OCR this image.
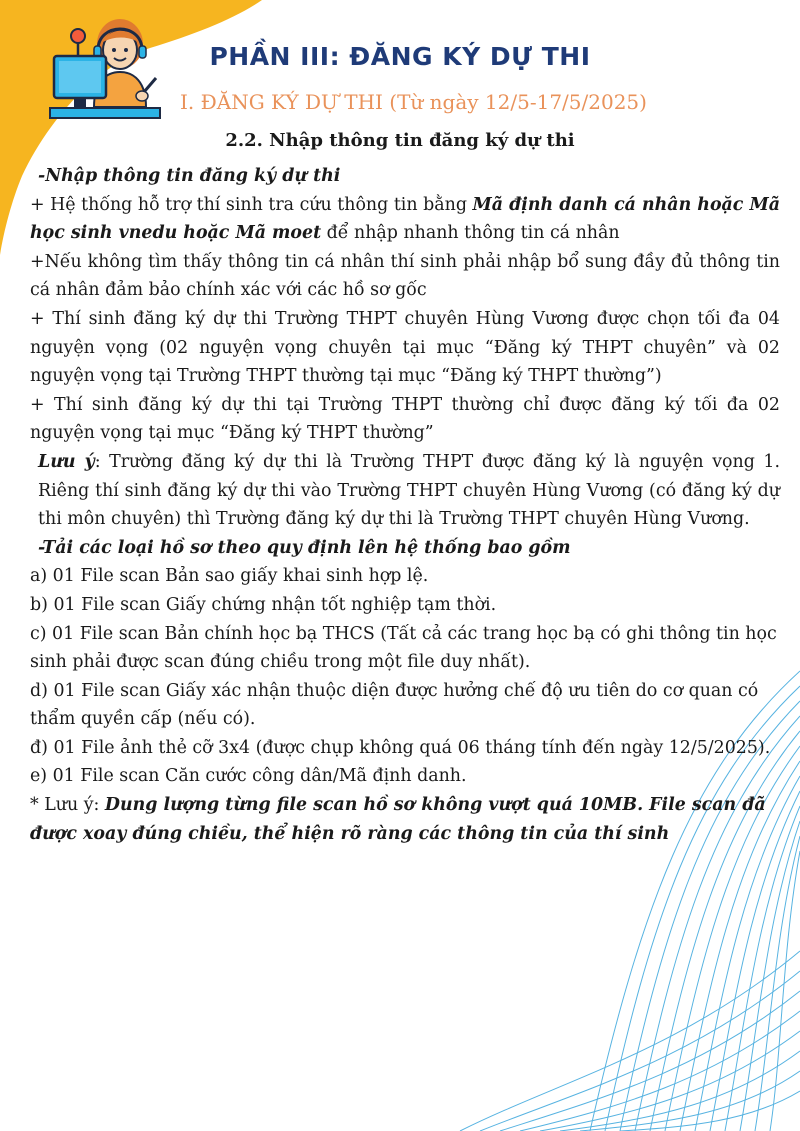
PHẦN III: ĐĂNG KÝ DỰ THI
I. ĐĂNG KÝ DỰ THI (Từ ngày 12/5-17/5/2025)
2.2. Nhập thông tin đăng ký dự thi

-Nhập thông tin đăng ký dự thi

+ Hệ thống hỗ trợ thí sinh tra cứu thông tin bằng Mã định danh cá nhân hoặc Mã học sinh vnedu hoặc Mã moet để nhập nhanh thông tin cá nhân

+Nếu không tìm thấy thông tin cá nhân thí sinh phải nhập bổ sung đầy đủ thông tin cá nhân đảm bảo chính xác với các hồ sơ gốc

+ Thí sinh đăng ký dự thi Trường THPT chuyên Hùng Vương được chọn tối đa 04 nguyện vọng (02 nguyện vọng chuyên tại mục “Đăng ký THPT chuyên” và 02 nguyện vọng tại Trường THPT thường tại mục “Đăng ký THPT thường”)

+ Thí sinh đăng ký dự thi tại Trường THPT thường chỉ được đăng ký tối đa 02 nguyện vọng tại mục “Đăng ký THPT thường”

Lưu ý: Trường đăng ký dự thi là Trường THPT được đăng ký là nguyện vọng 1. Riêng thí sinh đăng ký dự thi vào Trường THPT chuyên Hùng Vương (có đăng ký dự thi môn chuyên) thì Trường đăng ký dự thi là Trường THPT chuyên Hùng Vương.

-Tải các loại hồ sơ theo quy định lên hệ thống bao gồm

a) 01 File scan Bản sao giấy khai sinh hợp lệ.

b) 01 File scan Giấy chứng nhận tốt nghiệp tạm thời.

c) 01 File scan Bản chính học bạ THCS (Tất cả các trang học bạ có ghi thông tin học sinh phải được scan đúng chiều trong một file duy nhất).

d) 01 File scan Giấy xác nhận thuộc diện được hưởng chế độ ưu tiên do cơ quan có thẩm quyền cấp (nếu có).

đ) 01 File ảnh thẻ cỡ 3x4 (được chụp không quá 06 tháng tính đến ngày 12/5/2025).

e) 01 File scan Căn cước công dân/Mã định danh.

* Lưu ý: Dung lượng từng file scan hồ sơ không vượt quá 10MB. File scan đã được xoay đúng chiều, thể hiện rõ ràng các thông tin của thí sinh
